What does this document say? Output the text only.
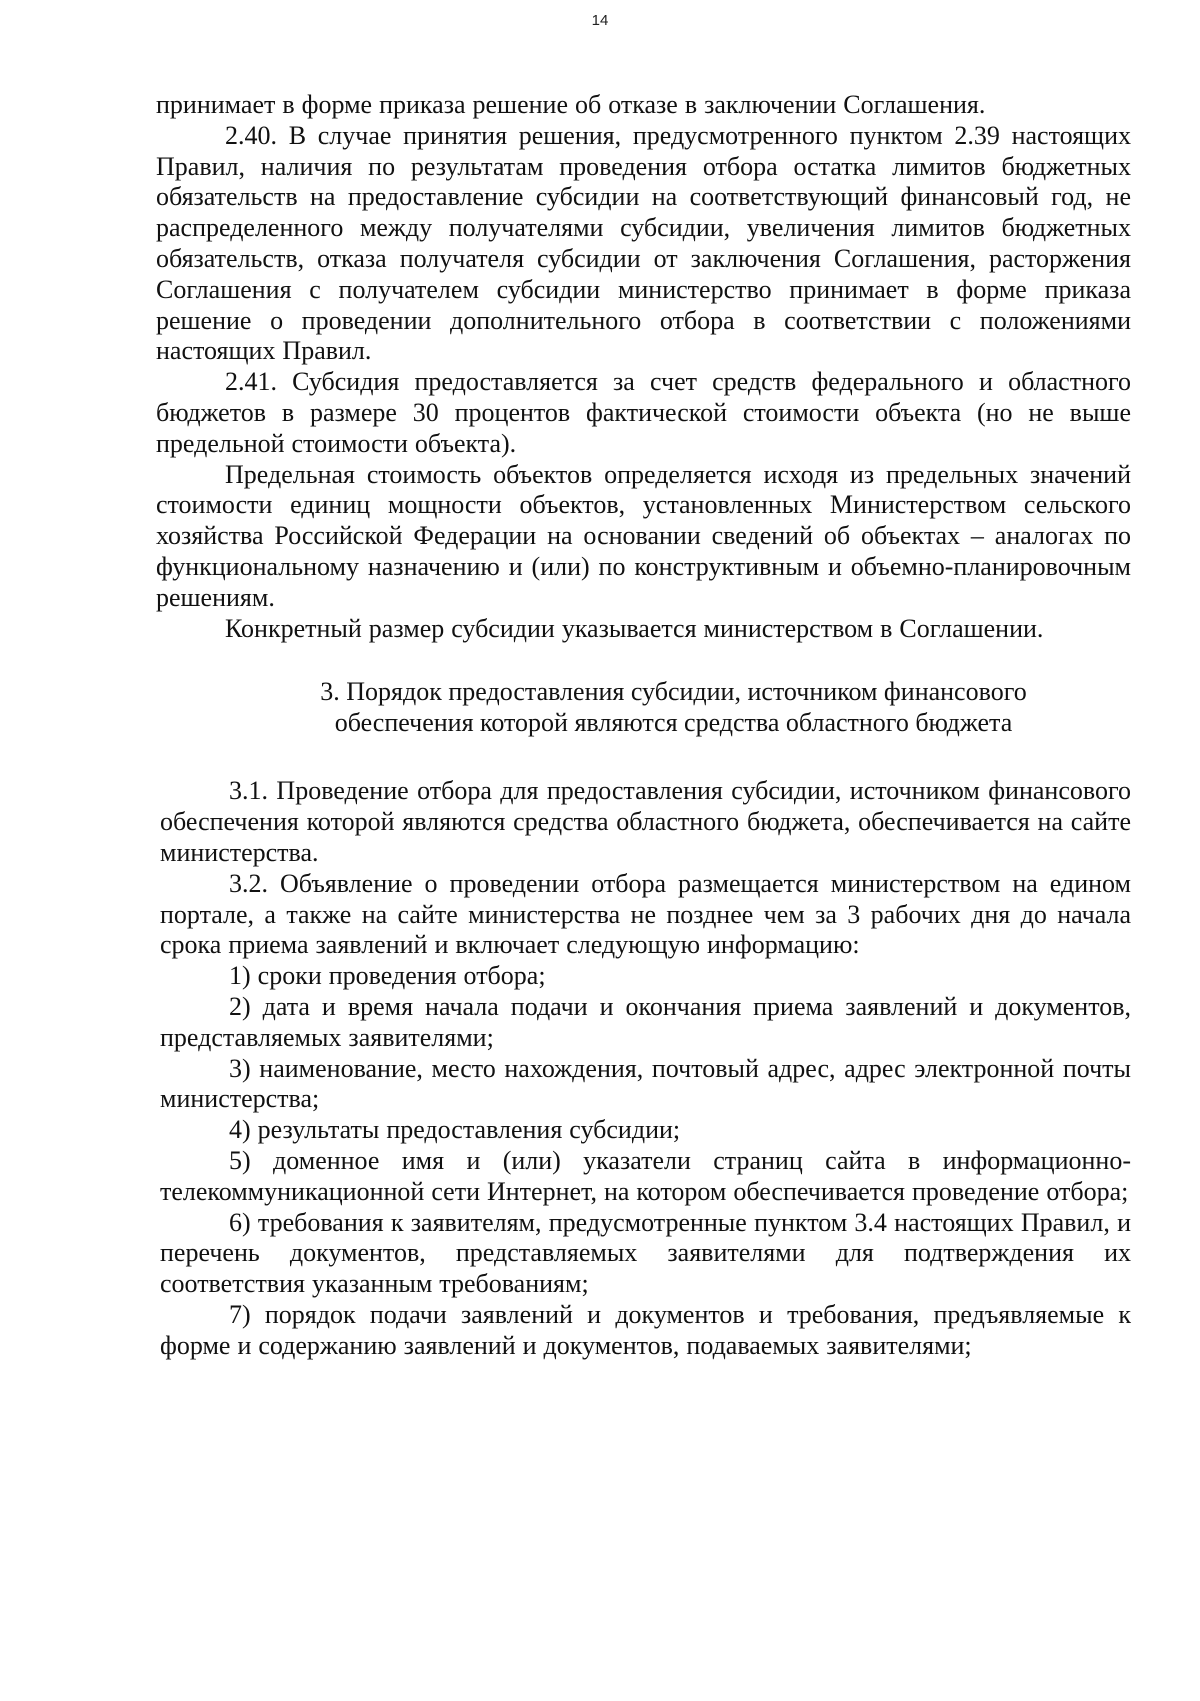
14

принимает в форме приказа решение об отказе в заключении Соглашения.

2.40. В случае принятия решения, предусмотренного пунктом 2.39 настоящих Правил, наличия по результатам проведения отбора остатка лимитов бюджетных обязательств на предоставление субсидии на соответствующий финансовый год, не распределенного между получателями субсидии, увеличения лимитов бюджетных обязательств, отказа получателя субсидии от заключения Соглашения, расторжения Соглашения с получателем субсидии министерство принимает в форме приказа решение о проведении дополнительного отбора в соответствии с положениями настоящих Правил.

2.41. Субсидия предоставляется за счет средств федерального и областного бюджетов в размере 30 процентов фактической стоимости объекта (но не выше предельной стоимости объекта).

Предельная стоимость объектов определяется исходя из предельных значений стоимости единиц мощности объектов, установленных Министерством сельского хозяйства Российской Федерации на основании сведений об объектах – аналогах по функциональному назначению и (или) по конструктивным и объемно-планировочным решениям.

Конкретный размер субсидии указывается министерством в Соглашении.

3. Порядок предоставления субсидии, источником финансового
обеспечения которой являются средства областного бюджета

3.1. Проведение отбора для предоставления субсидии, источником финансового обеспечения которой являются средства областного бюджета, обеспечивается на сайте министерства.

3.2. Объявление о проведении отбора размещается министерством на едином портале, а также на сайте министерства не позднее чем за 3 рабочих дня до начала срока приема заявлений и включает следующую информацию:

1) сроки проведения отбора;

2) дата и время начала подачи и окончания приема заявлений и документов, представляемых заявителями;

3) наименование, место нахождения, почтовый адрес, адрес электронной почты министерства;

4) результаты предоставления субсидии;

5) доменное имя и (или) указатели страниц сайта в информационно-телекоммуникационной сети Интернет, на котором обеспечивается проведение отбора;

6) требования к заявителям, предусмотренные пунктом 3.4 настоящих Правил, и перечень документов, представляемых заявителями для подтверждения их соответствия указанным требованиям;

7) порядок подачи заявлений и документов и требования, предъявляемые к форме и содержанию заявлений и документов, подаваемых заявителями;
